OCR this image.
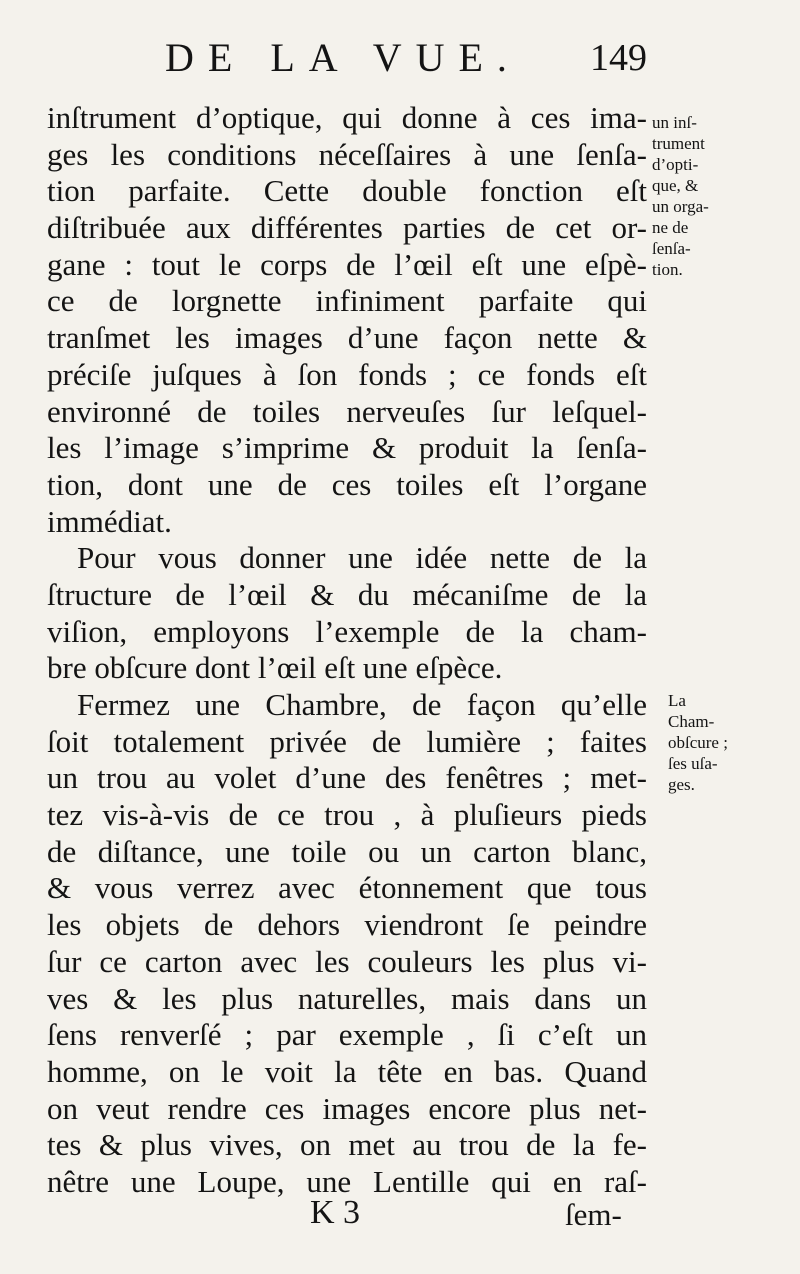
DE LA VUE. 149
inſtrument d’optique, qui donne à ces ima-
ges les conditions néceſſaires à une ſenſa-
tion parfaite. Cette double fonction eſt
diſtribuée aux différentes parties de cet or-
gane : tout le corps de l’œil eſt une eſpè-
ce de lorgnette infiniment parfaite qui
tranſmet les images d’une façon nette &
préciſe juſques à ſon fonds ; ce fonds eſt
environné de toiles nerveuſes ſur leſquel-
les l’image s’imprime & produit la ſenſa-
tion, dont une de ces toiles eſt l’organe
immédiat.
Pour vous donner une idée nette de la
ſtructure de l’œil & du mécaniſme de la
viſion, employons l’exemple de la cham-
bre obſcure dont l’œil eſt une eſpèce.
Fermez une Chambre, de façon qu’elle
ſoit totalement privée de lumière ; faites
un trou au volet d’une des fenêtres ; met-
tez vis-à-vis de ce trou , à pluſieurs pieds
de diſtance, une toile ou un carton blanc,
& vous verrez avec étonnement que tous
les objets de dehors viendront ſe peindre
ſur ce carton avec les couleurs les plus vi-
ves & les plus naturelles, mais dans un
ſens renverſé ; par exemple , ſi c’eſt un
homme, on le voit la tête en bas. Quand
on veut rendre ces images encore plus net-
tes & plus vives, on met au trou de la fe-
nêtre une Loupe, une Lentille qui en raſ-
un inſ-
trument
d’opti-
que, &
un orga-
ne de
ſenſa-
tion.
La
Cham-
obſcure ;
ſes uſa-
ges.
K 3	ſem-
